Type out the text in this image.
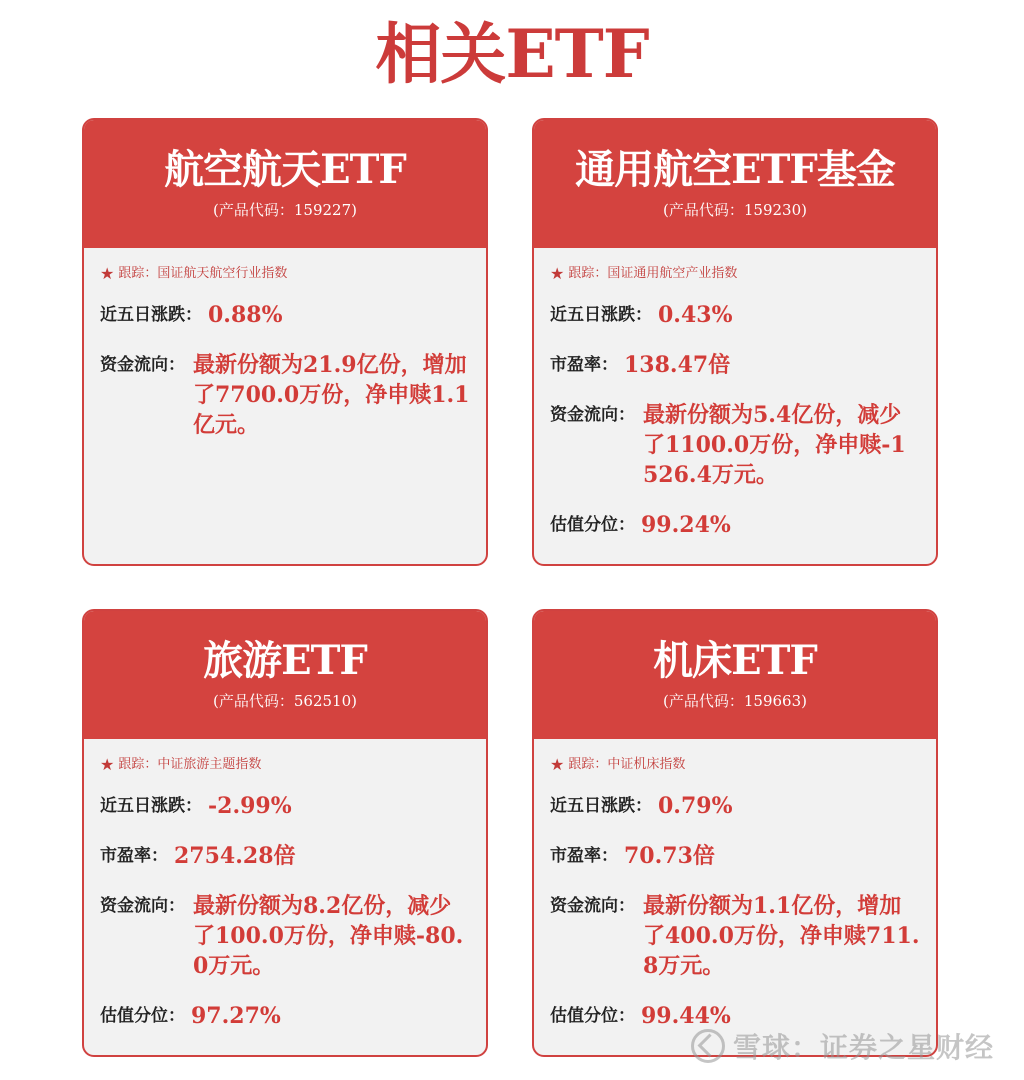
相关ETF
航空航天ETF
(产品代码：159227)
★ 跟踪：国证航天航空行业指数
近五日涨跌： 0.88%
资金流向： 最新份额为21.9亿份，增加了7700.0万份，净申赎1.1亿元。
通用航空ETF基金
(产品代码：159230)
★ 跟踪：国证通用航空产业指数
近五日涨跌： 0.43%
市盈率： 138.47倍
资金流向： 最新份额为5.4亿份，减少了1100.0万份，净申赎-1526.4万元。
估值分位： 99.24%
旅游ETF
(产品代码：562510)
★ 跟踪：中证旅游主题指数
近五日涨跌： -2.99%
市盈率： 2754.28倍
资金流向： 最新份额为8.2亿份，减少了100.0万份，净申赎-80.0万元。
估值分位： 97.27%
机床ETF
(产品代码：159663)
★ 跟踪：中证机床指数
近五日涨跌： 0.79%
市盈率： 70.73倍
资金流向： 最新份额为1.1亿份，增加了400.0万份，净申赎711.8万元。
估值分位： 99.44%
雪球：证券之星财经
